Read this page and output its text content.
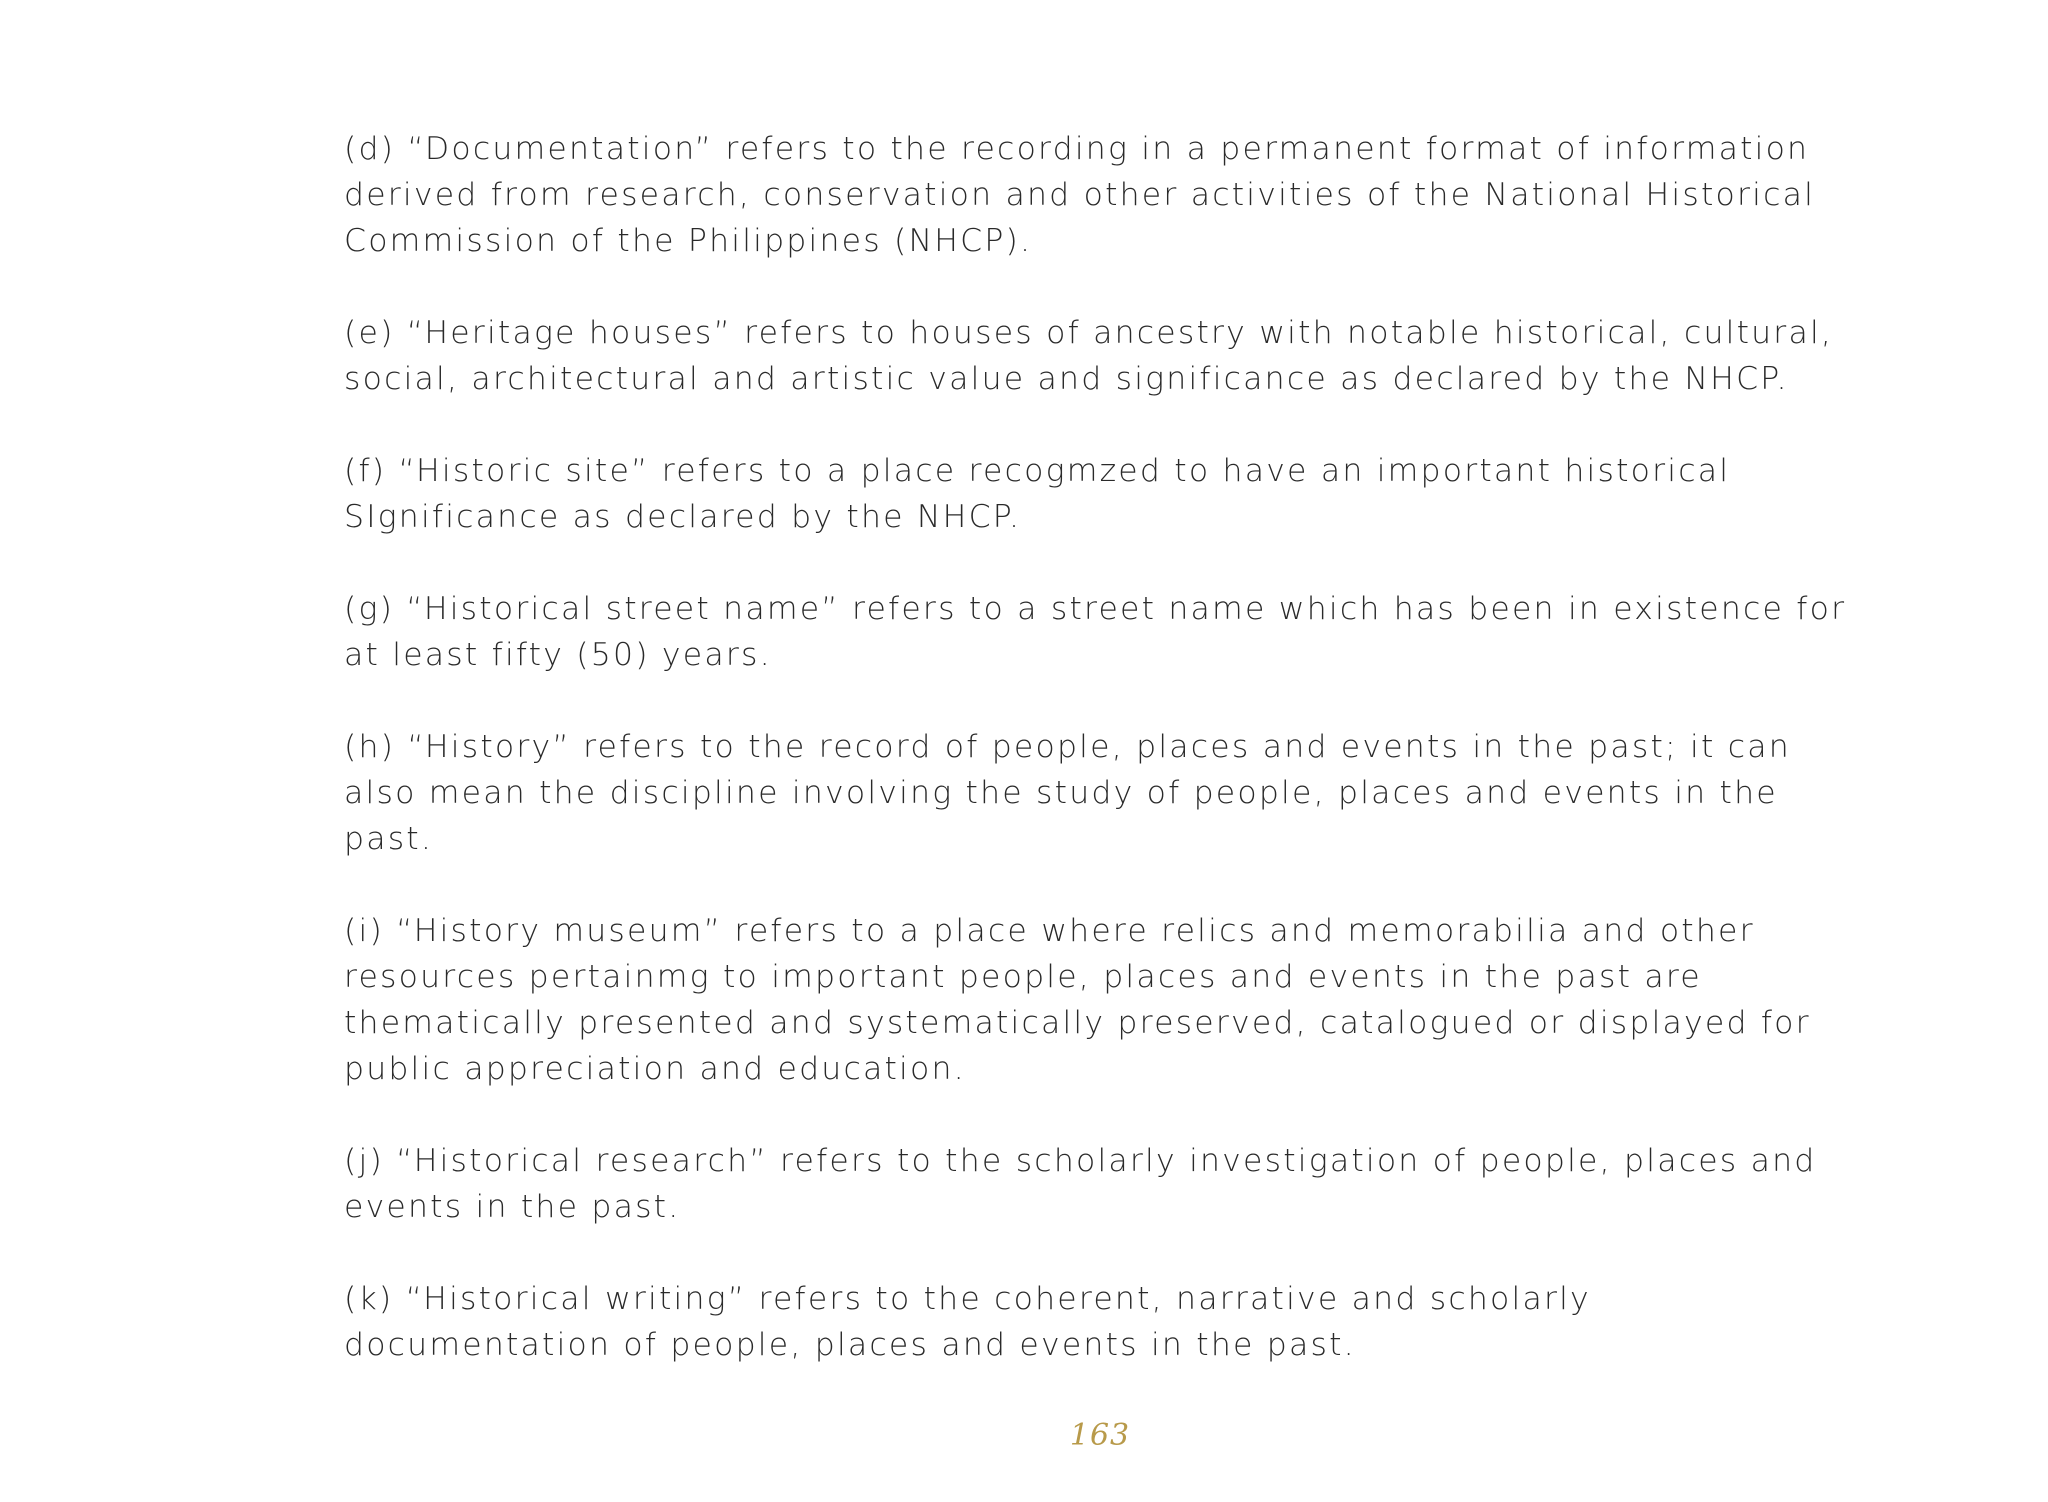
(d) “Documentation” refers to the recording in a permanent format of information
derived from research, conservation and other activities of the National Historical
Commission of the Philippines (NHCP).

(e) “Heritage houses” refers to houses of ancestry with notable historical, cultural,
social, architectural and artistic value and significance as declared by the NHCP.

(f) “Historic site” refers to a place recogmzed to have an important historical
SIgnificance as declared by the NHCP.

(g) “Historical street name” refers to a street name which has been in existence for
at least fifty (50) years.

(h) “History” refers to the record of people, places and events in the past; it can
also mean the discipline involving the study of people, places and events in the
past.

(i) “History museum” refers to a place where relics and memorabilia and other
resources pertainmg to important people, places and events in the past are
thematically presented and systematically preserved, catalogued or displayed for
public appreciation and education.

(j) “Historical research” refers to the scholarly investigation of people, places and
events in the past.

(k) “Historical writing” refers to the coherent, narrative and scholarly
documentation of people, places and events in the past.

163
